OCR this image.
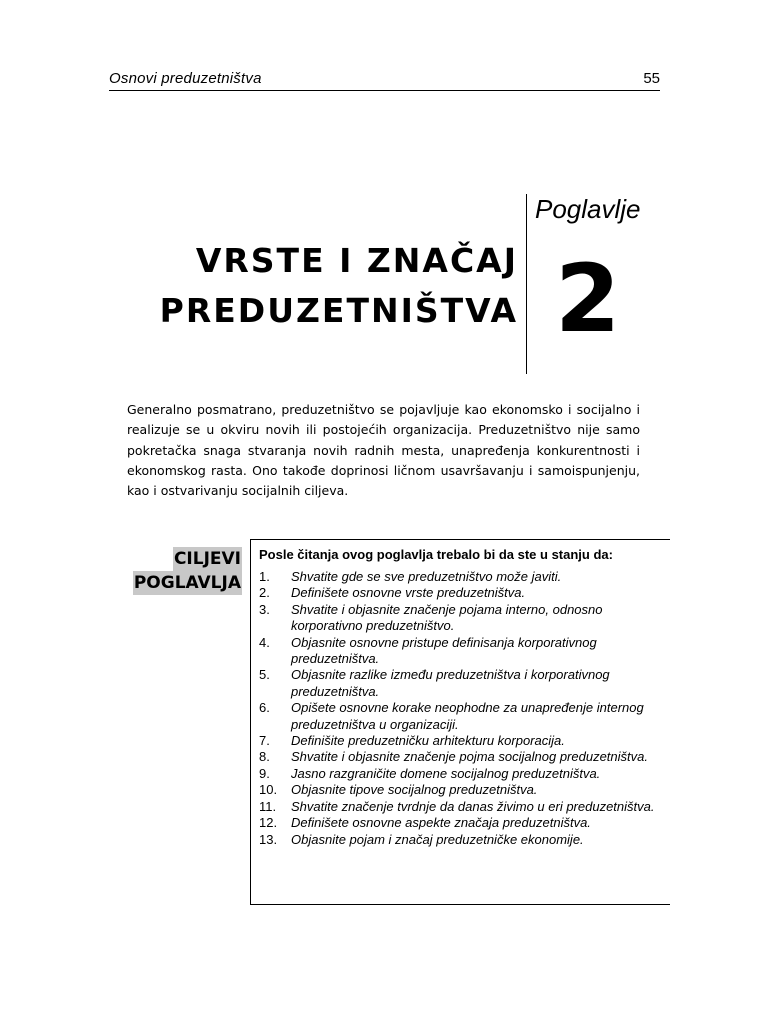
Osnovi preduzetništva	55
VRSTE I ZNAČAJ
PREDUZETNIŠTVA
Poglavlje
2

Generalno posmatrano, preduzetništvo se pojavljuje kao ekonomsko i socijalno i realizuje se u okviru novih ili postojećih organizacija. Preduzetništvo nije samo pokretačka snaga stvaranja novih radnih mesta, unapređenja konkurentnosti i ekonomskog rasta. Ono takođe doprinosi ličnom usavršavanju i samoispunjenju, kao i ostvarivanju socijalnih ciljeva.

CILJEVI
POGLAVLJA
Posle čitanja ovog poglavlja trebalo bi da ste u stanju da:
1.	Shvatite gde se sve preduzetništvo može javiti.
2.	Definišete osnovne vrste preduzetništva.
3.	Shvatite i objasnite značenje pojama interno, odnosno korporativno preduzetništvo.
4.	Objasnite osnovne pristupe definisanja korporativnog preduzetništva.
5.	Objasnite razlike između preduzetništva i korporativnog preduzetništva.
6.	Opišete osnovne korake neophodne za unapređenje internog preduzetništva u organizaciji.
7.	Definišite preduzetničku arhitekturu korporacija.
8.	Shvatite i objasnite značenje pojma socijalnog preduzetništva.
9.	Jasno razgraničite domene socijalnog preduzetništva.
10.	Objasnite tipove socijalnog preduzetništva.
11.	Shvatite značenje tvrdnje da danas živimo u eri preduzetništva.
12.	Definišete osnovne aspekte značaja preduzetništva.
13.	Objasnite pojam i značaj preduzetničke ekonomije.
